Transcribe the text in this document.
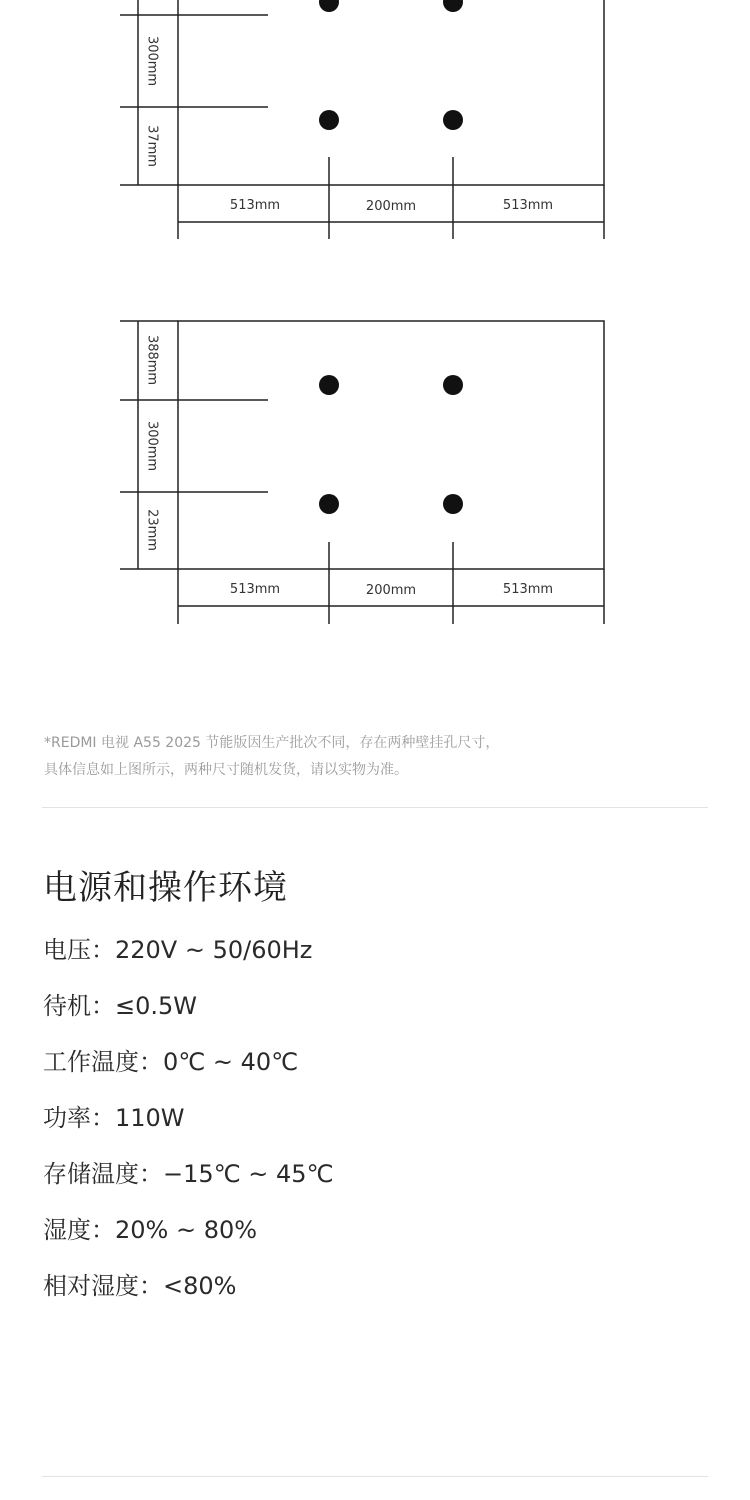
300mm
37mm
513mm	200mm	513mm
388mm
300mm
23mm
513mm	200mm	513mm

*REDMI 电视 A55 2025 节能版因生产批次不同，存在两种壁挂孔尺寸，

具体信息如上图所示，两种尺寸随机发货，请以实物为准。

电源和操作环境
电压：220V ~ 50/60Hz
待机：≤0.5W
工作温度：0℃ ~ 40℃
功率：110W
存储温度：−15℃ ~ 45℃
湿度：20% ~ 80%
相对湿度：<80%
